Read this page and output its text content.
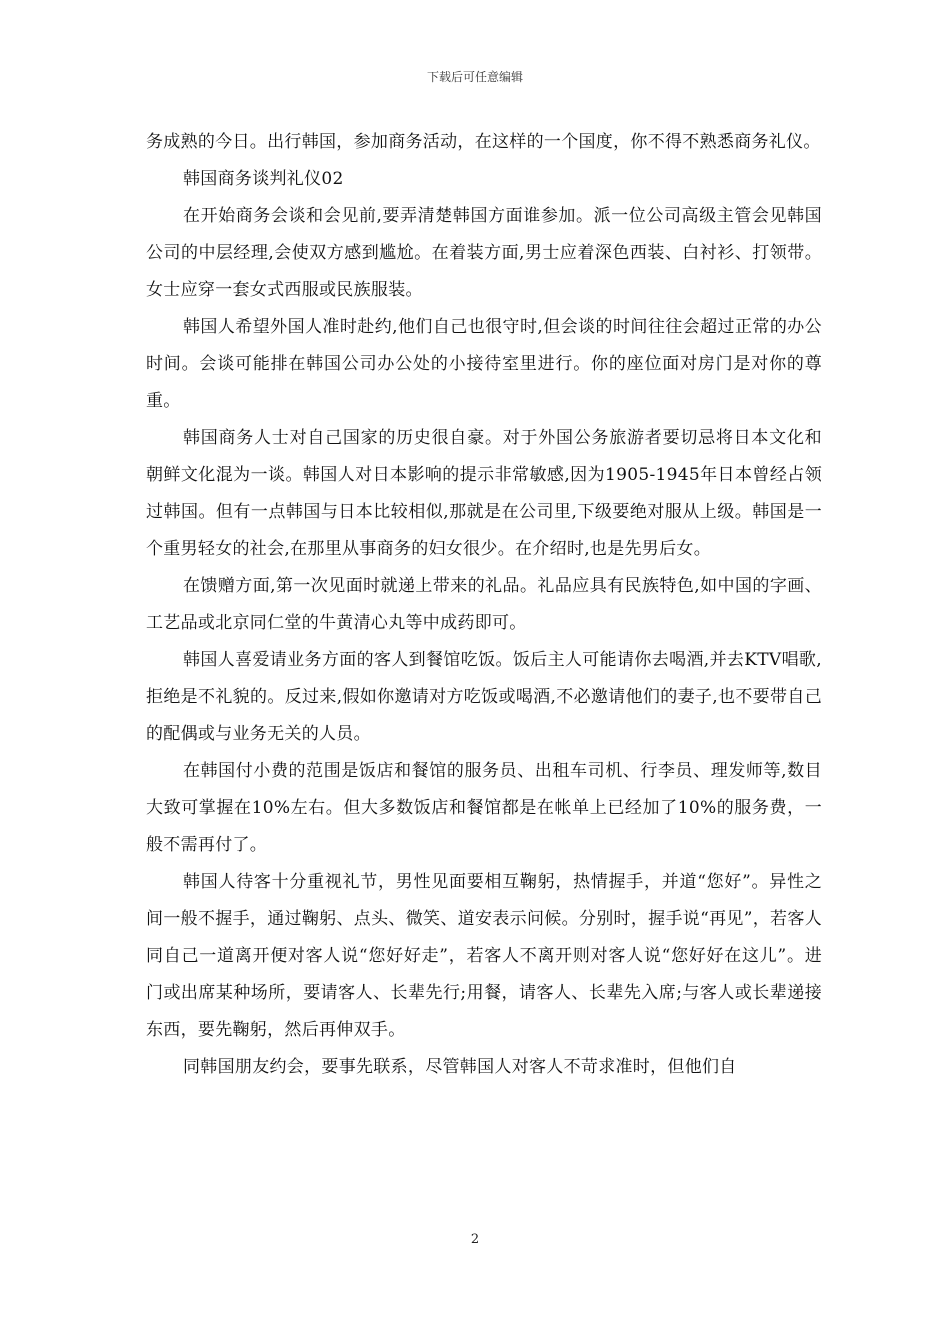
下载后可任意编辑

务成熟的今日。出行韩国，参加商务活动，在这样的一个国度，你不得不熟悉商务礼仪。

韩国商务谈判礼仪02

在开始商务会谈和会见前,要弄清楚韩国方面谁参加。派一位公司高级主管会见韩国公司的中层经理,会使双方感到尴尬。在着装方面,男士应着深色西装、白衬衫、打领带。女士应穿一套女式西服或民族服装。

韩国人希望外国人准时赴约,他们自己也很守时,但会谈的时间往往会超过正常的办公时间。会谈可能排在韩国公司办公处的小接待室里进行。你的座位面对房门是对你的尊重。

韩国商务人士对自己国家的历史很自豪。对于外国公务旅游者要切忌将日本文化和朝鲜文化混为一谈。韩国人对日本影响的提示非常敏感,因为1905-1945年日本曾经占领过韩国。但有一点韩国与日本比较相似,那就是在公司里,下级要绝对服从上级。韩国是一个重男轻女的社会,在那里从事商务的妇女很少。在介绍时,也是先男后女。

在馈赠方面,第一次见面时就递上带来的礼品。礼品应具有民族特色,如中国的字画、工艺品或北京同仁堂的牛黄清心丸等中成药即可。

韩国人喜爱请业务方面的客人到餐馆吃饭。饭后主人可能请你去喝酒,并去KTV唱歌,拒绝是不礼貌的。反过来,假如你邀请对方吃饭或喝酒,不必邀请他们的妻子,也不要带自己的配偶或与业务无关的人员。

在韩国付小费的范围是饭店和餐馆的服务员、出租车司机、行李员、理发师等,数目大致可掌握在10%左右。但大多数饭店和餐馆都是在帐单上已经加了10%的服务费，一般不需再付了。

韩国人待客十分重视礼节，男性见面要相互鞠躬，热情握手，并道“您好”。异性之间一般不握手，通过鞠躬、点头、微笑、道安表示问候。分别时，握手说“再见”，若客人同自己一道离开便对客人说“您好好走”，若客人不离开则对客人说“您好好在这儿”。进门或出席某种场所，要请客人、长辈先行;用餐，请客人、长辈先入席;与客人或长辈递接东西，要先鞠躬，然后再伸双手。

同韩国朋友约会，要事先联系，尽管韩国人对客人不苛求准时，但他们自

2
